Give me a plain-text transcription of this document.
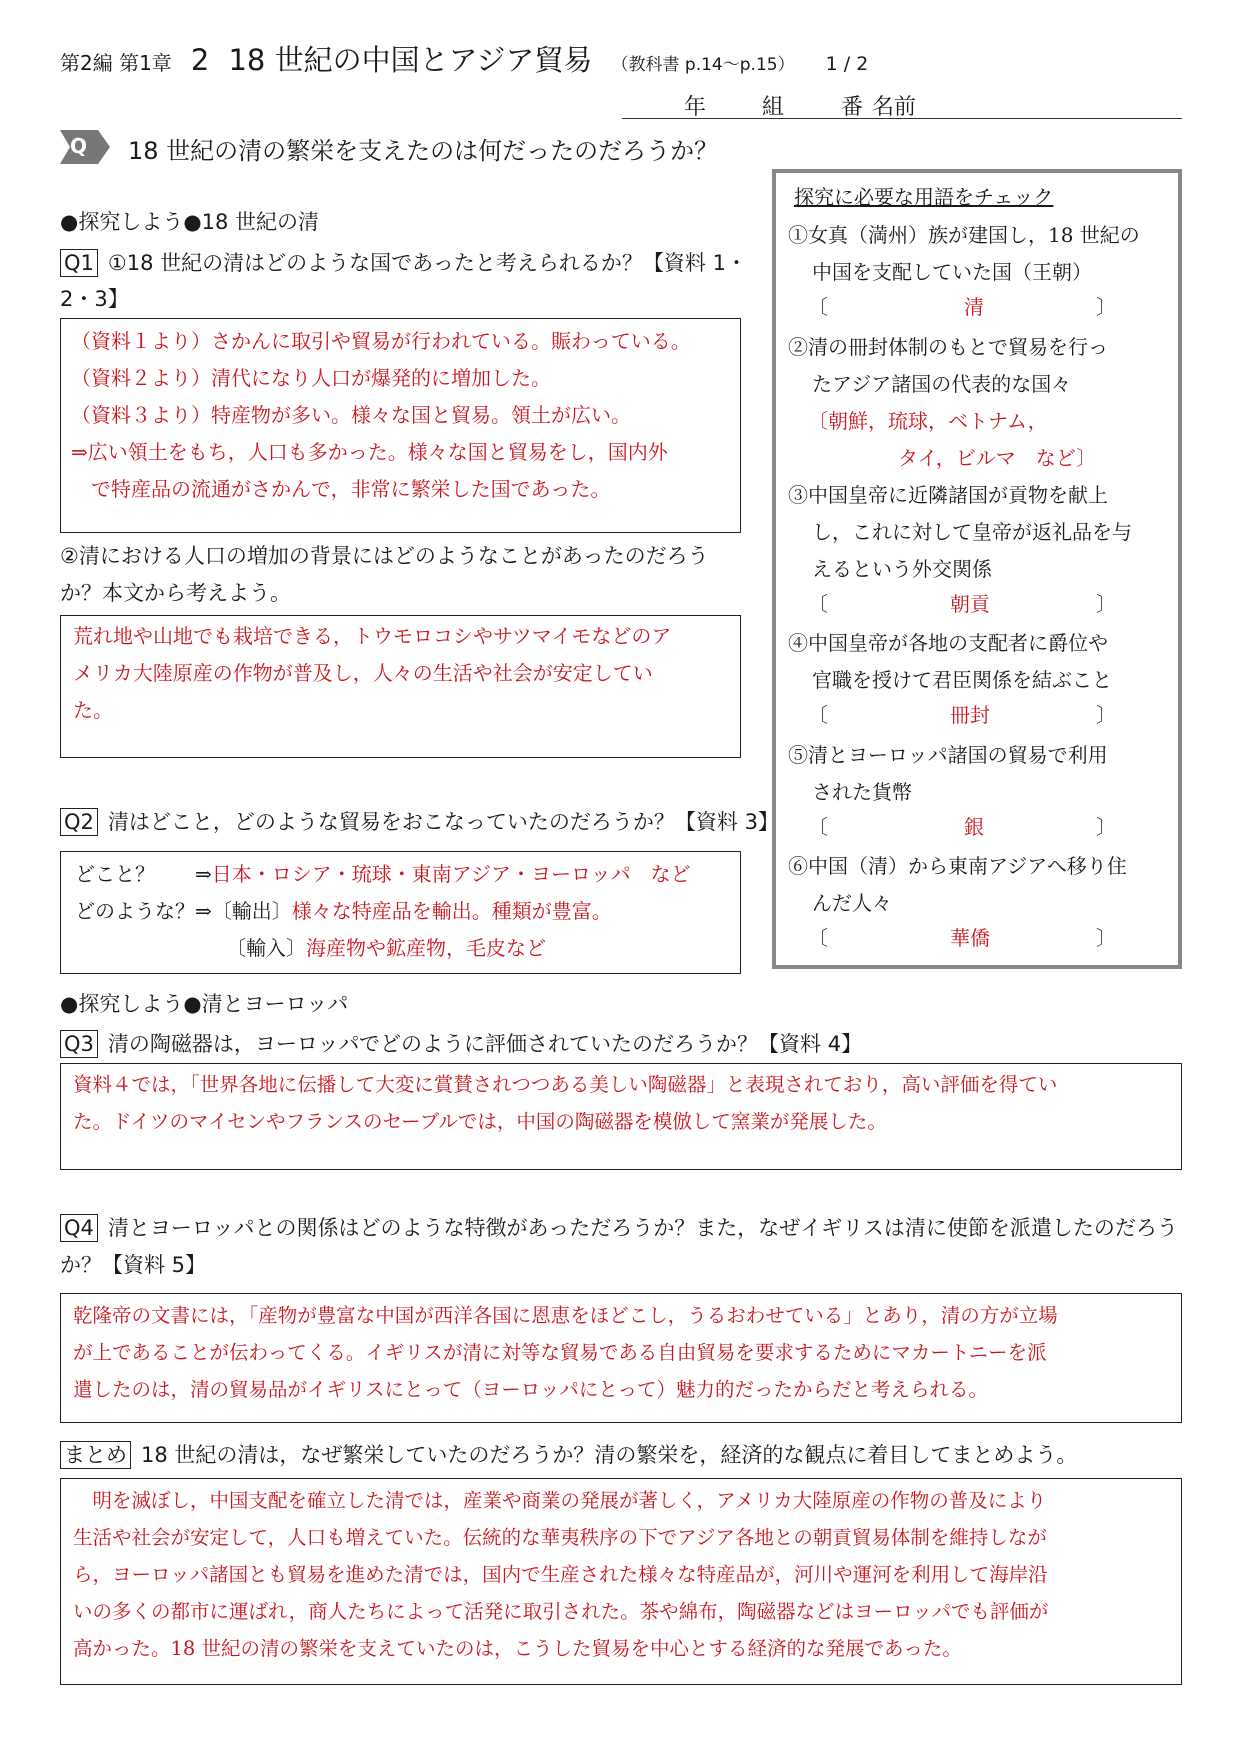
第2編 第1章 2 18 世紀の中国とアジア貿易 （教科書 p.14～p.15） 1 / 2
年	組	番 名前
Q 18 世紀の清の繁栄を支えたのは何だったのだろうか？
探究に必要な用語をチェック
①女真（満州）族が建国し，18 世紀の
中国を支配していた国（王朝）
〔	清	〕
②清の冊封体制のもとで貿易を行っ
たアジア諸国の代表的な国々
〔朝鮮，琉球，ベトナム，
タイ，ビルマ　など〕
③中国皇帝に近隣諸国が貢物を献上
し，これに対して皇帝が返礼品を与
えるという外交関係
〔	朝貢	〕
④中国皇帝が各地の支配者に爵位や
官職を授けて君臣関係を結ぶこと
〔	冊封	〕
⑤清とヨーロッパ諸国の貿易で利用
された貨幣
〔	銀	〕
⑥中国（清）から東南アジアへ移り住
んだ人々
〔	華僑	〕
●探究しよう●18 世紀の清
Q1 ①18 世紀の清はどのような国であったと考えられるか？【資料 1・
2・3】
（資料１より）さかんに取引や貿易が行われている。賑わっている。
（資料２より）清代になり人口が爆発的に増加した。
（資料３より）特産物が多い。様々な国と貿易。領土が広い。
⇒広い領土をもち，人口も多かった。様々な国と貿易をし，国内外
　で特産品の流通がさかんで，非常に繁栄した国であった。
②清における人口の増加の背景にはどのようなことがあったのだろう
か？本文から考えよう。
荒れ地や山地でも栽培できる，トウモロコシやサツマイモなどのア
メリカ大陸原産の作物が普及し，人々の生活や社会が安定してい
た。
Q2 清はどこと，どのような貿易をおこなっていたのだろうか？【資料 3】
どこと？　　⇒日本・ロシア・琉球・東南アジア・ヨーロッパ　など
どのような？⇒〔輸出〕様々な特産品を輸出。種類が豊富。
〔輸入〕海産物や鉱産物，毛皮など
●探究しよう●清とヨーロッパ
Q3 清の陶磁器は，ヨーロッパでどのように評価されていたのだろうか？【資料 4】
資料４では，「世界各地に伝播して大変に賞賛されつつある美しい陶磁器」と表現されており，高い評価を得てい
た。ドイツのマイセンやフランスのセーブルでは，中国の陶磁器を模倣して窯業が発展した。
Q4 清とヨーロッパとの関係はどのような特徴があっただろうか？また，なぜイギリスは清に使節を派遣したのだろう
か？【資料 5】
乾隆帝の文書には，「産物が豊富な中国が西洋各国に恩恵をほどこし，うるおわせている」とあり，清の方が立場
が上であることが伝わってくる。イギリスが清に対等な貿易である自由貿易を要求するためにマカートニーを派
遣したのは，清の貿易品がイギリスにとって（ヨーロッパにとって）魅力的だったからだと考えられる。
まとめ 18 世紀の清は，なぜ繁栄していたのだろうか？清の繁栄を，経済的な観点に着目してまとめよう。
　明を滅ぼし，中国支配を確立した清では，産業や商業の発展が著しく，アメリカ大陸原産の作物の普及により
生活や社会が安定して，人口も増えていた。伝統的な華夷秩序の下でアジア各地との朝貢貿易体制を維持しなが
ら，ヨーロッパ諸国とも貿易を進めた清では，国内で生産された様々な特産品が，河川や運河を利用して海岸沿
いの多くの都市に運ばれ，商人たちによって活発に取引された。茶や綿布，陶磁器などはヨーロッパでも評価が
高かった。18 世紀の清の繁栄を支えていたのは，こうした貿易を中心とする経済的な発展であった。
